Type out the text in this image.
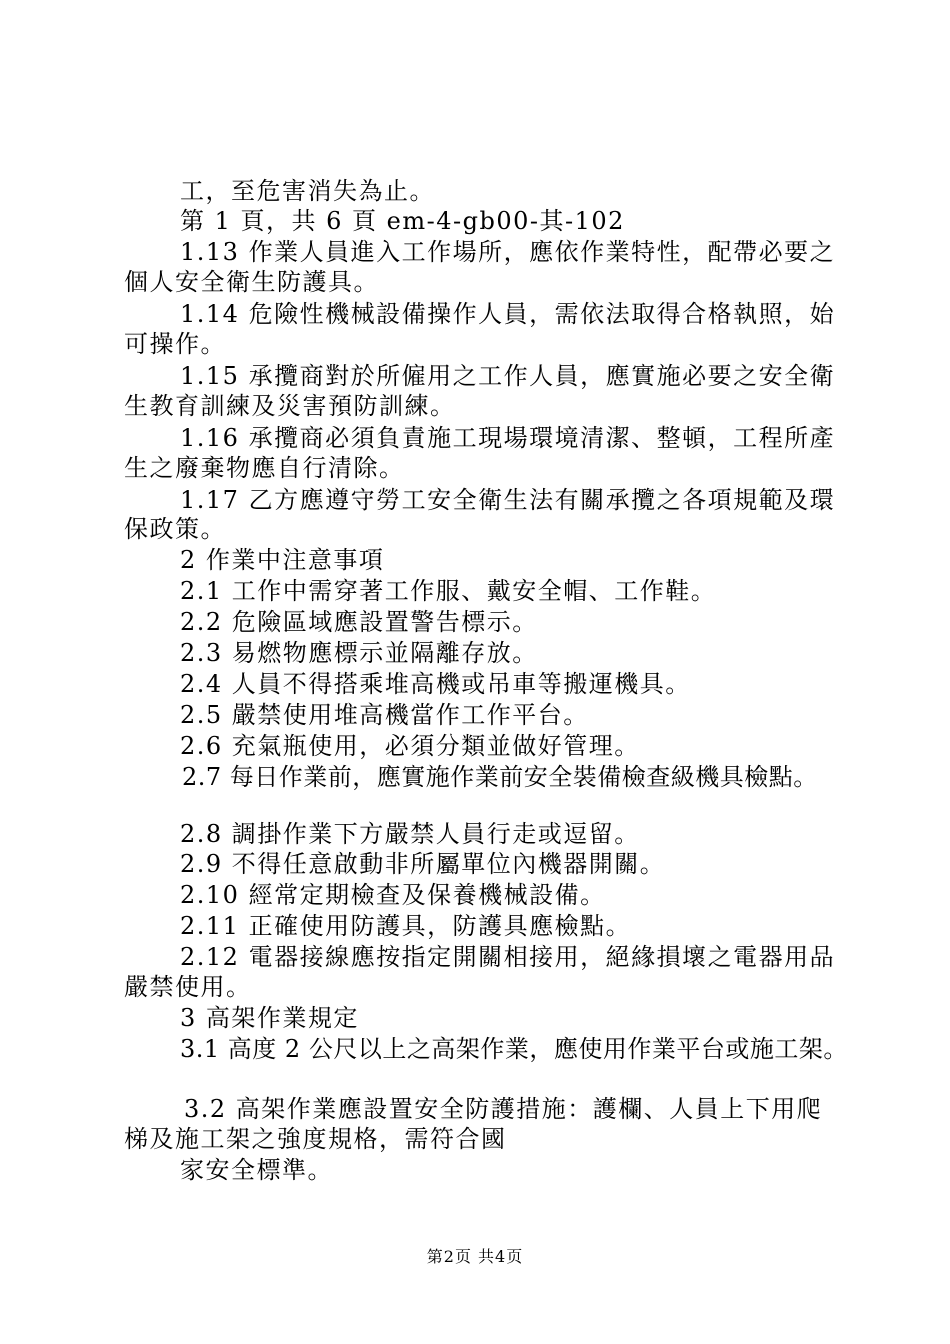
工，至危害消失為止。
第 1 頁，共 6 頁 em-4-gb00-其-102
1.13 作業人員進入工作場所，應依作業特性，配帶必要之
個人安全衛生防護具。
1.14 危險性機械設備操作人員，需依法取得合格執照，始
可操作。
1.15 承攬商對於所僱用之工作人員，應實施必要之安全衛
生教育訓練及災害預防訓練。
1.16 承攬商必須負責施工現場環境清潔、整頓，工程所產
生之廢棄物應自行清除。
1.17 乙方應遵守勞工安全衛生法有關承攬之各項規範及環
保政策。
2 作業中注意事項
2.1 工作中需穿著工作服、戴安全帽、工作鞋。
2.2 危險區域應設置警告標示。
2.3 易燃物應標示並隔離存放。
2.4 人員不得搭乘堆高機或吊車等搬運機具。
2.5 嚴禁使用堆高機當作工作平台。
2.6 充氣瓶使用，必須分類並做好管理。
2.7 每日作業前，應實施作業前安全裝備檢查級機具檢點。
2.8 調掛作業下方嚴禁人員行走或逗留。
2.9 不得任意啟動非所屬單位內機器開關。
2.10 經常定期檢查及保養機械設備。
2.11 正確使用防護具，防護具應檢點。
2.12 電器接線應按指定開關相接用，絕緣損壞之電器用品
嚴禁使用。
3 高架作業規定
3.1 高度 2 公尺以上之高架作業，應使用作業平台或施工架。
3.2 高架作業應設置安全防護措施：護欄、人員上下用爬
梯及施工架之強度規格，需符合國
家安全標準。
第2页 共4页
